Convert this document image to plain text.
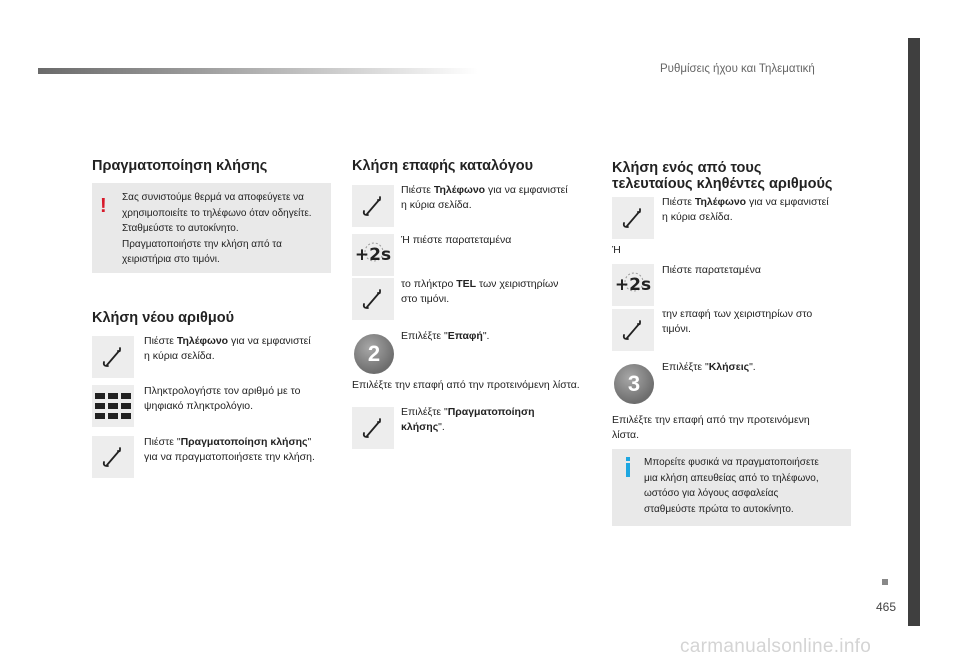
Ρυθμίσεις ήχου και Τηλεματική
465
carmanualsonline.info
Πραγματοποίηση κλήσης
! Σας συνιστούμε θερμά να αποφεύγετε να
χρησιμοποιείτε το τηλέφωνο όταν οδηγείτε.
Σταθμεύστε το αυτοκίνητο.
Πραγματοποιήστε την κλήση από τα
χειριστήρια στο τιμόνι.
Κλήση νέου αριθμού
Πιέστε Τηλέφωνο για να εμφανιστεί
η κύρια σελίδα.
Πληκτρολογήστε τον αριθμό με το
ψηφιακό πληκτρολόγιο.
Πιέστε "Πραγματοποίηση κλήσης"
για να πραγματοποιήσετε την κλήση.
Κλήση επαφής καταλόγου
Πιέστε Τηλέφωνο για να εμφανιστεί
η κύρια σελίδα.
+2s
Ή πιέστε παρατεταμένα
το πλήκτρο TEL των χειριστηρίων
στο τιμόνι.
2
Επιλέξτε "Επαφή".
Επιλέξτε την επαφή από την προτεινόμενη λίστα.
Επιλέξτε "Πραγματοποίηση
κλήσης".
Κλήση ενός από τους
τελευταίους κληθέντες αριθμούς
Πιέστε Τηλέφωνο για να εμφανιστεί
η κύρια σελίδα.
Ή
+2s
Πιέστε παρατεταμένα
την επαφή των χειριστηρίων στο
τιμόνι.
3
Επιλέξτε "Κλήσεις".
Επιλέξτε την επαφή από την προτεινόμενη
λίστα.
Μπορείτε φυσικά να πραγματοποιήσετε
μια κλήση απευθείας από το τηλέφωνο,
ωστόσο για λόγους ασφαλείας
σταθμεύστε πρώτα το αυτοκίνητο.
